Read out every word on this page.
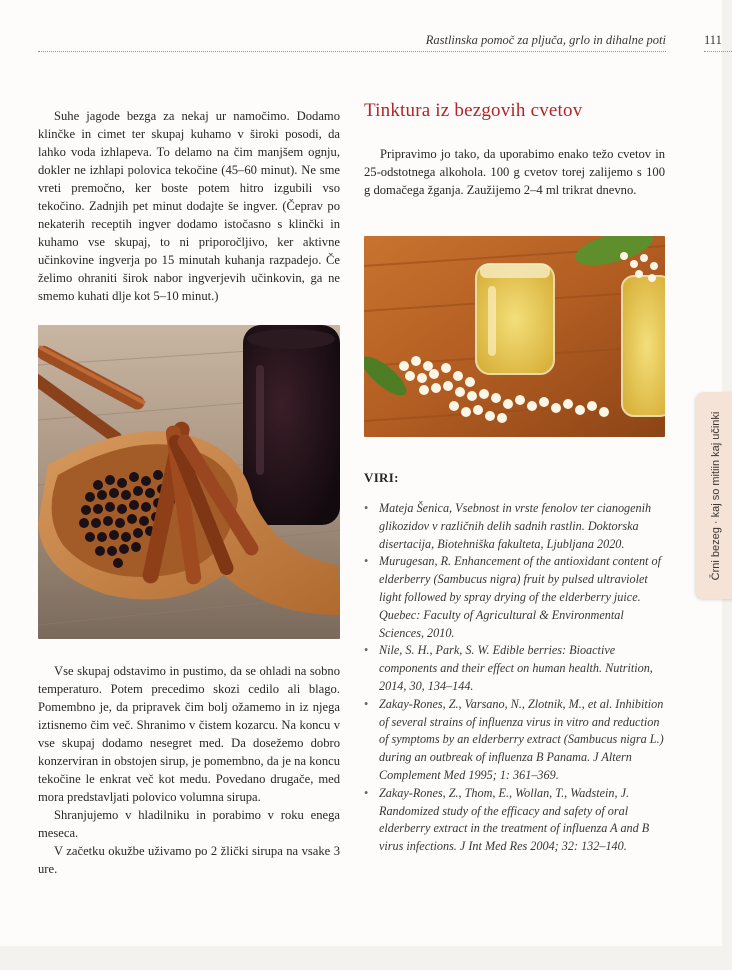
Rastlinska pomoč za pljuča, grlo in dihalne poti	111

Suhe jagode bezga za nekaj ur namočimo. Dodamo klinčke in cimet ter skupaj kuhamo v široki posodi, da lahko voda izhlapeva. To delamo na čim manjšem ognju, dokler ne izhlapi polovica tekočine (45–60 minut). Ne sme vreti premočno, ker boste potem hitro izgubili vso tekočino. Zadnjih pet minut dodajte še ingver. (Čeprav po nekaterih receptih ingver dodamo istočasno s klinčki in kuhamo vse skupaj, to ni priporočljivo, ker aktivne učinkovine ingverja po 15 minutah kuhanja razpadejo. Če želimo ohraniti širok nabor ingverjevih učinkovin, ga ne smemo kuhati dlje kot 5–10 minut.)

Vse skupaj odstavimo in pustimo, da se ohladi na sobno temperaturo. Potem precedimo skozi cedilo ali blago. Pomembno je, da pripravek čim bolj ožamemo in iz njega iztisnemo čim več. Shranimo v čistem kozarcu. Na koncu v vse skupaj dodamo nesegret med. Da dosežemo dobro konzerviran in obstojen sirup, je pomembno, da je na koncu tekočine le enkrat več kot medu. Povedano drugače, med mora predstavljati polovico volumna sirupa.

Shranjujemo v hladilniku in porabimo v roku enega meseca.

V začetku okužbe uživamo po 2 žlički sirupa na vsake 3 ure.

Tinktura iz bezgovih cvetov

Pripravimo jo tako, da uporabimo enako težo cvetov in 25-odstotnega alkohola. 100 g cvetov torej zalijemo s 100 g domačega žganja. Zaužijemo 2–4 ml trikrat dnevno.

VIRI:
• Mateja Šenica, Vsebnost in vrste fenolov ter cianogenih glikozidov v različnih delih sadnih rastlin. Doktorska disertacija, Biotehniška fakulteta, Ljubljana 2020.
• Murugesan, R. Enhancement of the antioxidant content of elderberry (Sambucus nigra) fruit by pulsed ultraviolet light followed by spray drying of the elderberry juice. Quebec: Faculty of Agricultural & Environmental Sciences, 2010.
• Nile, S. H., Park, S. W. Edible berries: Bioactive components and their effect on human health. Nutrition, 2014, 30, 134–144.
• Zakay-Rones, Z., Varsano, N., Zlotnik, M., et al. Inhibition of several strains of influenza virus in vitro and reduction of symptoms by an elderberry extract (Sambucus nigra L.) during an outbreak of influenza B Panama. J Altern Complement Med 1995; 1: 361–369.
• Zakay-Rones, Z., Thom, E., Wollan, T., Wadstein, J. Randomized study of the efficacy and safety of oral elderberry extract in the treatment of influenza A and B virus infections. J Int Med Res 2004; 32: 132–140.
Črni bezeg · kaj so mitiin kaj učinki
